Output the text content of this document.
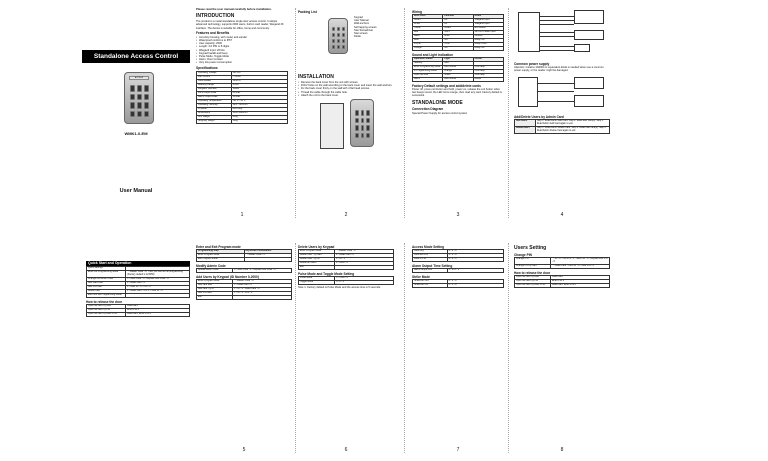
Standalone Access Control
ACCESS
WMK1-0-EM
User Manual

Please read the user manual carefully before installation.

INTRODUCTION

The product is a metal standalone single door access control. It adopts advanced technology, supports 2000 users, built-in card reader, Wiegand 26 interface. The device is suitable for office, home and community.

Features and Benefits
• Anti-drop housing, with metal, anti-vandal
• Waterproof conforms to IP67
• User capacity: 2000
• Length: 4-6 PIN or 8 digits
• Wiegand input: 26 bits
• Keypad backlit and beep
• Pulse Mode, Toggle Mode
• Alarm, Door Contact
• Very low power consumption
Specifications
Operating Voltage	12V DC
Idle Current	< 35mA
Card Reader	125KHz
Reading Range	2-6cm
Wiegand Interface	WG26
Lock Output Load	2A max
Alarm Output Load	5A max
Operating Temperature	-40°C - 60°C
Operating Humidity	10% - 90% RH
Physical	Zinc Alloy
Dimensions	115x74x22mm
Unit Weight	450g
Shipping Weight	500g
1
Packing List
Keypad
User Manual
Wall anchors
Self tapping screws
Star Screwdriver
Star screws
Diode
INSTALLATION
• Remove the back cover from the unit with screws.
• Drill 2 holes on the wall according to the back cover and insert the wall anchors.
• Fix the back cover firmly on the wall with 4 flat head screws.
• Thread the cable through the cable hole.
• Attach the unit to the back cover.
2
Wiring
Wire Color	Function	Notes
Green	D0	Wiegand Input
White	D1	Wiegand Input
Yellow	OPEN	Exit Button
Red	12V+	12V DC Power Input
Black	GND	Ground
Blue	NO	Relay NO
Purple	COM	Relay COM
Orange	NC	Relay NC
Sound and Light Indication
Operation Status	Light	Buzzer
Standby	Red	
Enter Programming Mode	Red Shines	One beep
In Programming Mode	Orange	One beep
Open the lock	Green	One beep
Alarm	Red Shines	Beeps
Factory Default settings and add/delete cards

Power off, press exit button and hold, power on, release the exit button when two beeps sound, the LED turns orange, then read any card. Factory default is successful.

STANDALONE MODE
Connection Diagram

Special Power Supply for access control system

3
Common power supply

Attention: Install a 1N4004 or equivalent diode is needed when use a common power supply, or the reader might be damaged.

Add/Delete Users by Admin Card
Add users	Step 1: Read Admin Add Card. Step 2: Read user card(s). Step 3: Read Admin Add Card again to exit.
Delete users	Step 1: Read Admin Delete Card. Step 2: Read user card(s). Step 3: Read Admin Delete Card again to exit.
4
Quick Start and Operation
Quick Settings	
Enter the Programming Mode	* - Master Code - #. Then you can do the programming (Factory default is 123456)
Change the Admin Code	0 - New Code - # - Repeat New Code - #
Add Card User	1 - Read Card - #
Add PIN User	1 - User ID - # - PIN - #
Delete User	2 - Read Card - # or 2 - User ID - #
Exit from the Programming Mode	*
How to release the door
Open the door by card	Read card
Open the door by PIN	Enter PIN #
Open the door by card + PIN	Read card, Enter PIN #
Enter and Exit Program mode
Programming Step	Keystroke Combination
Enter Program Mode	* - Master Code - #
Exit Program Mode	*
Modify Admin Code
Update Admin Code	0 - New Code - # - Repeat New Code - #
Add Users by Keypad (ID Number 0-2000)
Enter Program Mode	* - Master Code - #
Add card user	1 - Read Card - #
Add card: by ID	1 - ID - # - Read Card - #
Add PIN user	1 - ID - # - PIN - #
Exit	*
5
Delete Users by Keypad
Enter Program Mode	* - Master Code - #
Delete User - by card	2 - Read Card - #
Delete User - by ID	2 - ID - #
Delete All Users	2 - 0000 - #
Exit	*
Pulse Mode and Toggle Mode Setting
Pulse Mode	3 - 1~99 - #
Toggle Mode	3 - 0 - #

Note 1: Factory default is Pulse Mode and the access time is 5 seconds.

6
Access Mode Setting
Card only	4 - 0 - #
Card and PIN	4 - 1 - #
Card or PIN	4 - 2 - #
Alarm Output Time Setting
Alarm output time	5 - 0~3 - #
Strike Mode
Strike-out OFF	6 - 0 - #
Strike-out ON	6 - 1 - #
7
Users Setting
Change PIN
Change PIN	* - ID - # - Old PIN - # - New PIN - # - Repeat New PIN - #
Change PIN by card	* - Read Card - Old PIN - # - New PIN - #
How to release the door
Open the door by card	Read card
Open the door by PIN	Enter PIN #
Open the door by card + PIN	Read card, Enter PIN #
8
